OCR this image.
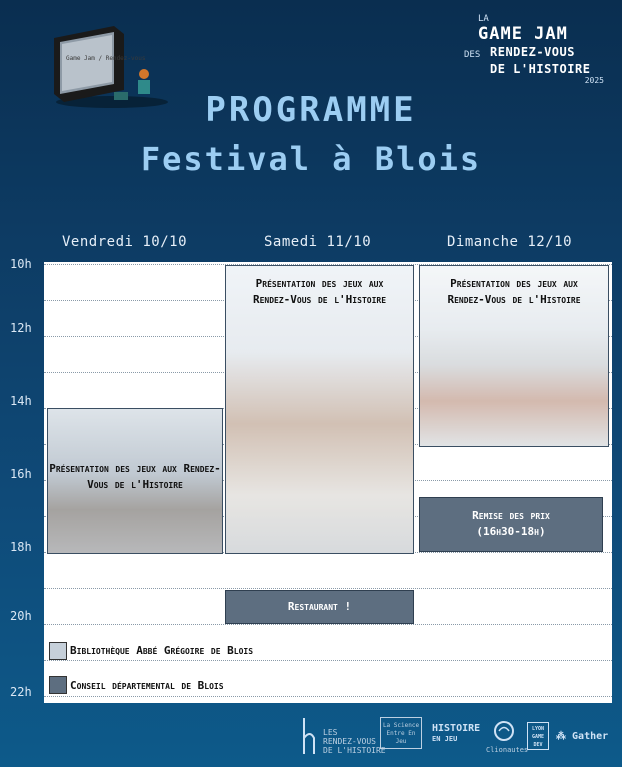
Game Jam / Rendez-vous
LA
GAME JAM
DES RENDEZ-VOUS
DE L'HISTOIRE
2025
PROGRAMME
Festival à Blois
Vendredi 10/10	Samedi 11/10	Dimanche 12/10
10h
12h
14h
16h
18h
20h
22h
Présentation des jeux aux Rendez-Vous de l'Histoire
Présentation des jeux aux Rendez-Vous de l'Histoire
Présentation des jeux aux Rendez-Vous de l'Histoire
Remise des prix
(16h30-18h)
Restaurant !
Bibliothèque Abbé Grégoire de Blois
Conseil départemental de Blois
LES
RENDEZ-VOUS
DE L'HISTOIRE
La Science
Entre En Jeu
HISTOIRE
EN JEU
Clionautes
LYON
GAME
DEV
⁂ Gather
